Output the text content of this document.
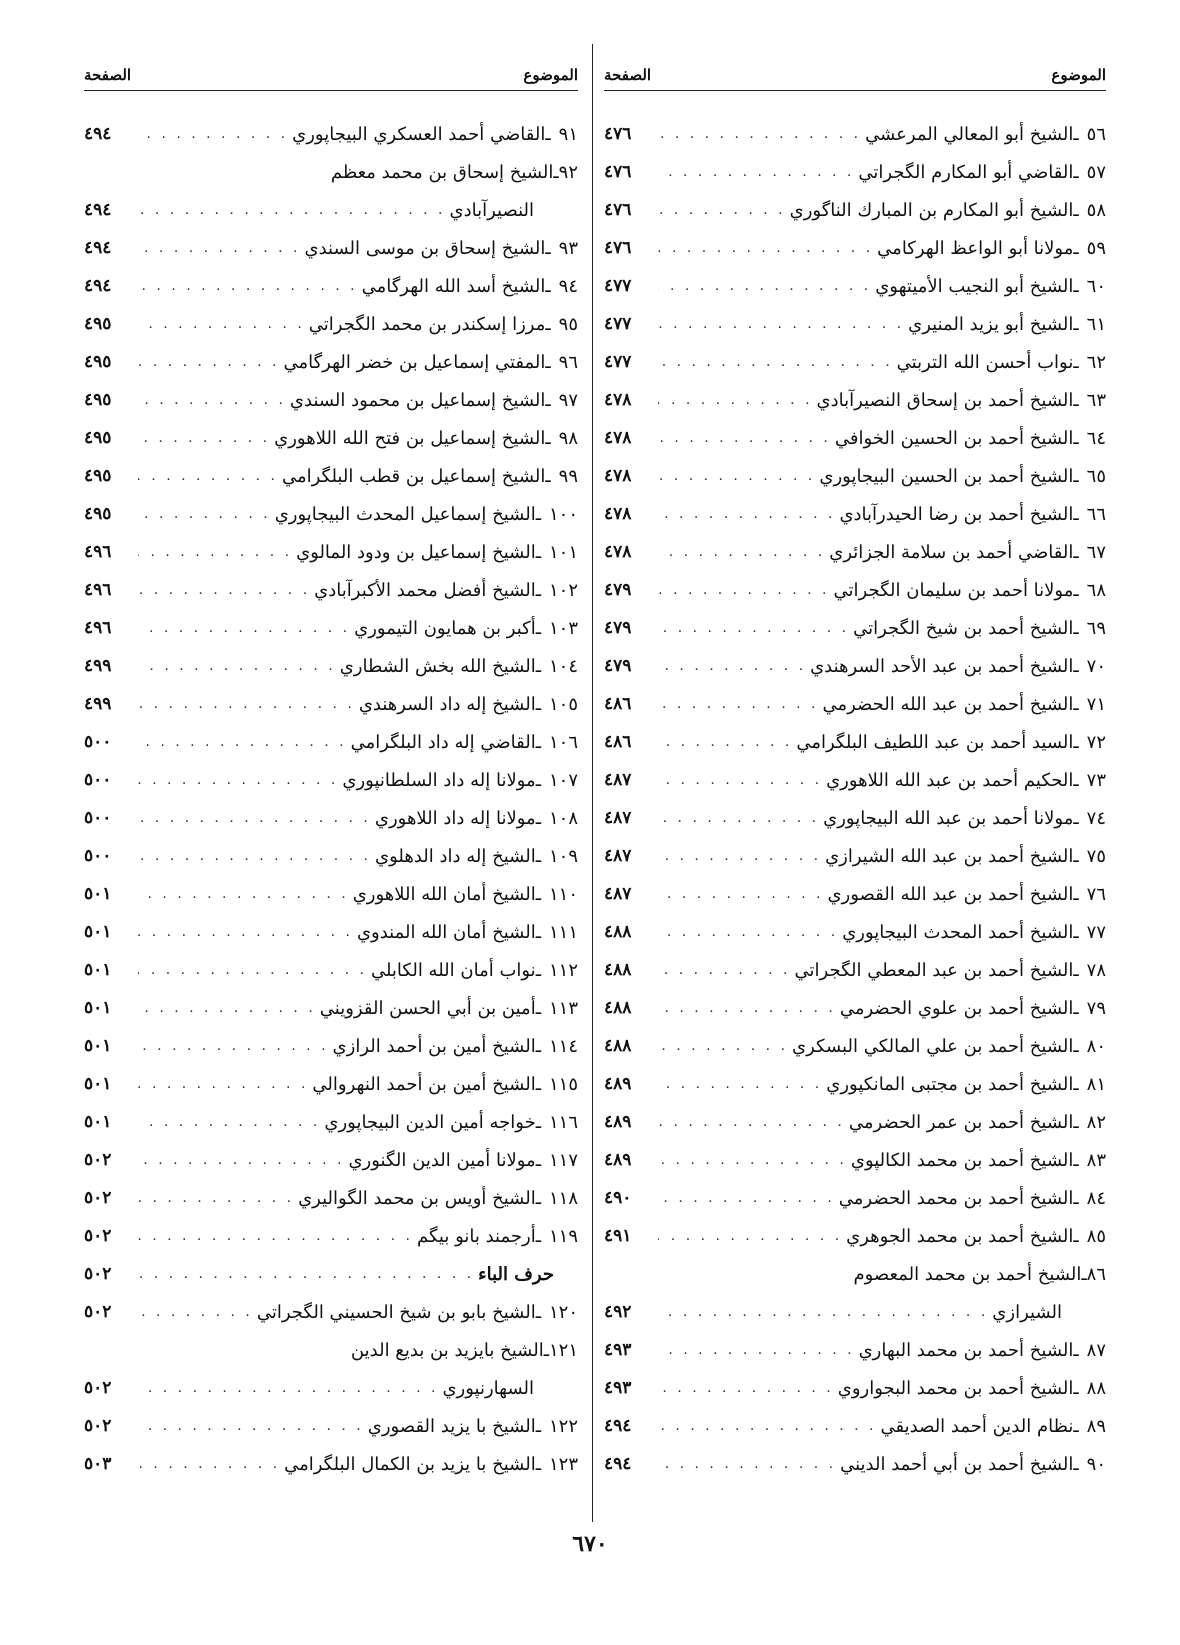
الموضوع
الصفحة
٥٦
ـ
الشيخ أبو المعالي المرعشي
. . .
٤٧٦
٥٧
ـ
القاضي أبو المكارم الگجراتي
. . .
٤٧٦
٥٨
ـ
الشيخ أبو المكارم بن المبارك الناگوري
. . .
٤٧٦
٥٩
ـ
مولانا أبو الواعظ الهركامي
. . .
٤٧٦
٦٠
ـ
الشيخ أبو النجيب الأميتهوي
. . .
٤٧٧
٦١
ـ
الشيخ أبو يزيد المنيري
. . .
٤٧٧
٦٢
ـ
نواب أحسن الله التربتي
. . .
٤٧٧
٦٣
ـ
الشيخ أحمد بن إسحاق النصيرآبادي
. . .
٤٧٨
٦٤
ـ
الشيخ أحمد بن الحسين الخوافي
. . .
٤٧٨
٦٥
ـ
الشيخ أحمد بن الحسين البيجاپوري
. . .
٤٧٨
٦٦
ـ
الشيخ أحمد بن رضا الحيدرآبادي
. . .
٤٧٨
٦٧
ـ
القاضي أحمد بن سلامة الجزائري
. . .
٤٧٨
٦٨
ـ
مولانا أحمد بن سليمان الگجراتي
. . .
٤٧٩
٦٩
ـ
الشيخ أحمد بن شيخ الگجراتي
. . .
٤٧٩
٧٠
ـ
الشيخ أحمد بن عبد الأحد السرهندي
. . .
٤٧٩
٧١
ـ
الشيخ أحمد بن عبد الله الحضرمي
. . .
٤٨٦
٧٢
ـ
السيد أحمد بن عبد اللطيف البلگرامي
. . .
٤٨٦
٧٣
ـ
الحكيم أحمد بن عبد الله اللاهوري
. . .
٤٨٧
٧٤
ـ
مولانا أحمد بن عبد الله البيجاپوري
. . .
٤٨٧
٧٥
ـ
الشيخ أحمد بن عبد الله الشيرازي
. . .
٤٨٧
٧٦
ـ
الشيخ أحمد بن عبد الله القصوري
. . .
٤٨٧
٧٧
ـ
الشيخ أحمد المحدث البيجاپوري
. . .
٤٨٨
٧٨
ـ
الشيخ أحمد بن عبد المعطي الگجراتي
. . .
٤٨٨
٧٩
ـ
الشيخ أحمد بن علوي الحضرمي
. . .
٤٨٨
٨٠
ـ
الشيخ أحمد بن علي المالكي البسكري
. . .
٤٨٨
٨١
ـ
الشيخ أحمد بن مجتبى المانكپوري
. . .
٤٨٩
٨٢
ـ
الشيخ أحمد بن عمر الحضرمي
. . .
٤٨٩
٨٣
ـ
الشيخ أحمد بن محمد الكالپوي
. . .
٤٨٩
٨٤
ـ
الشيخ أحمد بن محمد الحضرمي
. . .
٤٩٠
٨٥
ـ
الشيخ أحمد بن محمد الجوهري
. . .
٤٩١
٨٦
ـ
الشيخ أحمد بن محمد المعصوم
الشيرازي
. . .
٤٩٢
٨٧
ـ
الشيخ أحمد بن محمد البهاري
. . .
٤٩٣
٨٨
ـ
الشيخ أحمد بن محمد البجواروي
. . .
٤٩٣
٨٩
ـ
نظام الدين أحمد الصديقي
. . .
٤٩٤
٩٠
ـ
الشيخ أحمد بن أبي أحمد الديني
. . .
٤٩٤
الموضوع
الصفحة
٩١
ـ
القاضي أحمد العسكري البيجاپوري
. . .
٤٩٤
٩٢
ـ
الشيخ إسحاق بن محمد معظم
النصيرآبادي
. . .
٤٩٤
٩٣
ـ
الشيخ إسحاق بن موسى السندي
. . .
٤٩٤
٩٤
ـ
الشيخ أسد الله الهرگامي
. . .
٤٩٤
٩٥
ـ
مرزا إسكندر بن محمد الگجراتي
. . .
٤٩٥
٩٦
ـ
المفتي إسماعيل بن خضر الهرگامي
. . .
٤٩٥
٩٧
ـ
الشيخ إسماعيل بن محمود السندي
. . .
٤٩٥
٩٨
ـ
الشيخ إسماعيل بن فتح الله اللاهوري
. . .
٤٩٥
٩٩
ـ
الشيخ إسماعيل بن قطب البلگرامي
. . .
٤٩٥
١٠٠
ـ
الشيخ إسماعيل المحدث البيجاپوري
. . .
٤٩٥
١٠١
ـ
الشيخ إسماعيل بن ودود المالوي
. . .
٤٩٦
١٠٢
ـ
الشيخ أفضل محمد الأكبرآبادي
. . .
٤٩٦
١٠٣
ـ
أكبر بن همايون التيموري
. . .
٤٩٦
١٠٤
ـ
الشيخ الله بخش الشطاري
. . .
٤٩٩
١٠٥
ـ
الشيخ إله داد السرهندي
. . .
٤٩٩
١٠٦
ـ
القاضي إله داد البلگرامي
. . .
٥٠٠
١٠٧
ـ
مولانا إله داد السلطانپوري
. . .
٥٠٠
١٠٨
ـ
مولانا إله داد اللاهوري
. . .
٥٠٠
١٠٩
ـ
الشيخ إله داد الدهلوي
. . .
٥٠٠
١١٠
ـ
الشيخ أمان الله اللاهوري
. . .
٥٠١
١١١
ـ
الشيخ أمان الله المندوي
. . .
٥٠١
١١٢
ـ
نواب أمان الله الكابلي
. . .
٥٠١
١١٣
ـ
أمين بن أبي الحسن القزويني
. . .
٥٠١
١١٤
ـ
الشيخ أمين بن أحمد الرازي
. . .
٥٠١
١١٥
ـ
الشيخ أمين بن أحمد النهروالي
. . .
٥٠١
١١٦
ـ
خواجه أمين الدين البيجاپوري
. . .
٥٠١
١١٧
ـ
مولانا أمين الدين الگنوري
. . .
٥٠٢
١١٨
ـ
الشيخ أويس بن محمد الگواليري
. . .
٥٠٢
١١٩
ـ
أرجمند بانو بيگم
. . .
٥٠٢
حرف الباء
. . .
٥٠٢
١٢٠
ـ
الشيخ بابو بن شيخ الحسيني الگجراتي
. . .
٥٠٢
١٢١
ـ
الشيخ بايزيد بن بديع الدين
السهارنپوري
. . .
٥٠٢
١٢٢
ـ
الشيخ با يزيد القصوري
. . .
٥٠٢
١٢٣
ـ
الشيخ با يزيد بن الكمال البلگرامي
. . .
٥٠٣
٦٧٠
